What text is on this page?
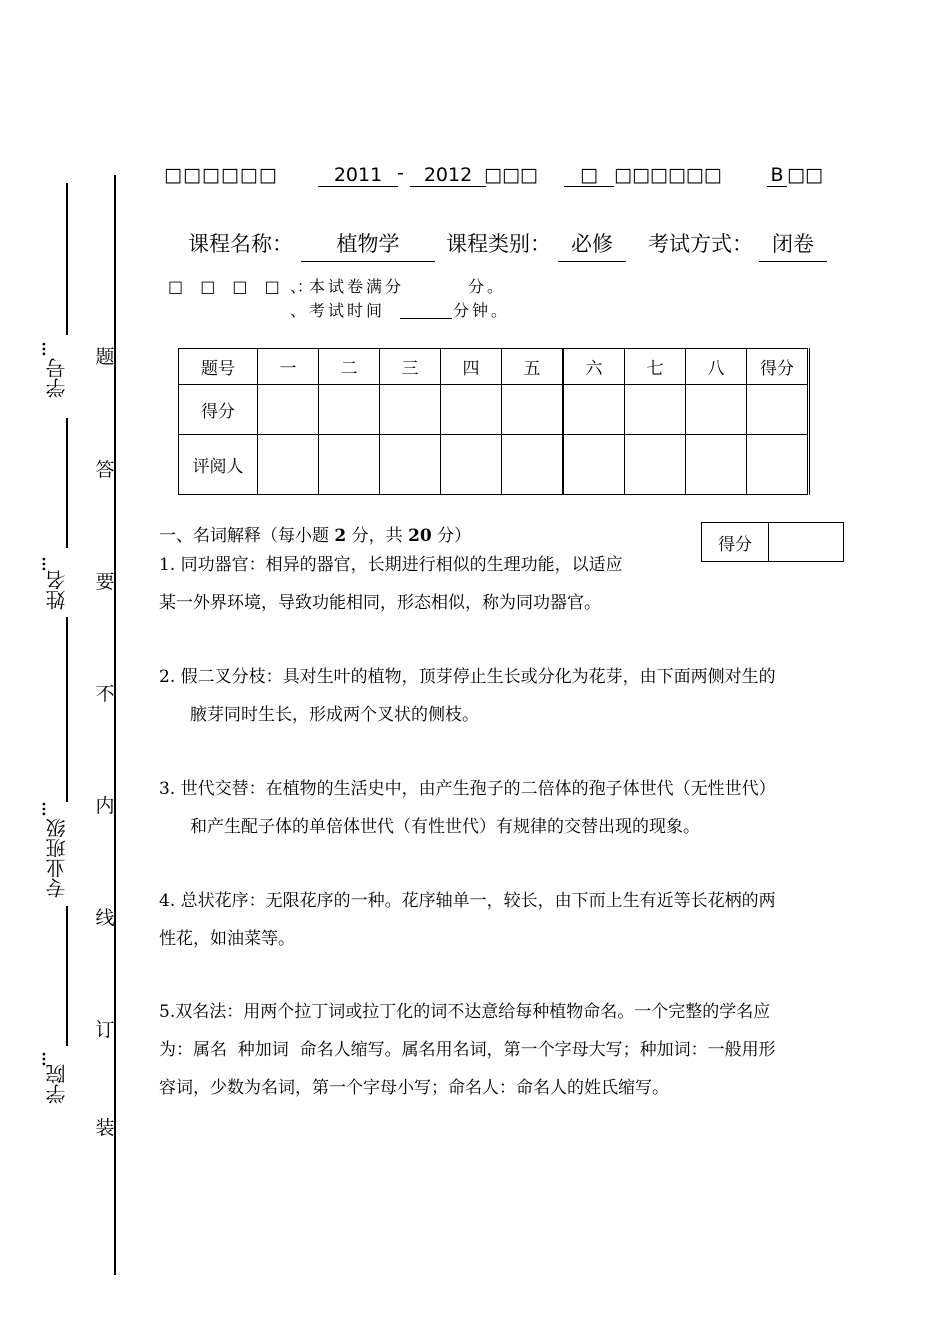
…
学号
…
姓名
…
专业班级
…
学院
题
答
要
不
内
线
订
装
□□□□□□	2011 -	2012 □□□	□ □□□□□□	B □□
课程名称：	植物学	课程类别： 必修	考试方式： 闭卷
□ □ □ □ ：
、本试卷满分	分。
、考试时间	分钟。
题号	一	二	三	四	五	六	七	八	得分
得分									
评阅人									
一、名词解释（每小题 2 分，共 20 分）	得分	
1. 同功器官：相异的器官，长期进行相似的生理功能，以适应
某一外界环境，导致功能相同，形态相似，称为同功器官。
2. 假二叉分枝：具对生叶的植物，顶芽停止生长或分化为花芽，由下面两侧对生的
腋芽同时生长，形成两个叉状的侧枝。
3. 世代交替：在植物的生活史中，由产生孢子的二倍体的孢子体世代（无性世代）
和产生配子体的单倍体世代（有性世代）有规律的交替出现的现象。
4. 总状花序：无限花序的一种。花序轴单一，较长，由下而上生有近等长花柄的两
性花，如油菜等。
5.双名法：用两个拉丁词或拉丁化的词不达意给每种植物命名。一个完整的学名应
为：属名  种加词  命名人缩写。属名用名词，第一个字母大写；种加词：一般用形
容词，少数为名词，第一个字母小写；命名人：命名人的姓氏缩写。
